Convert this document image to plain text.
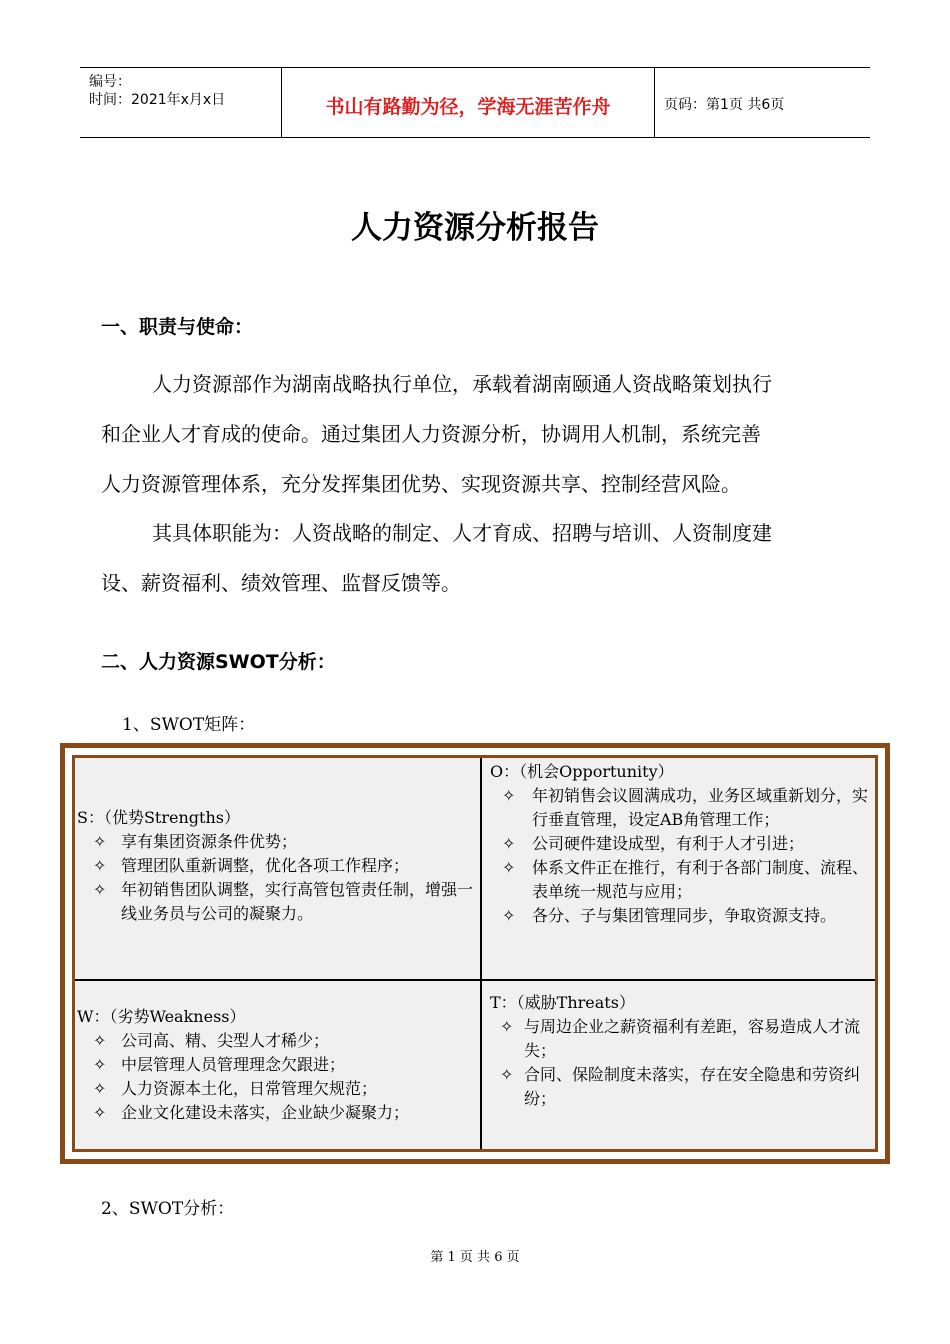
编号：
时间：2021年x月x日	书山有路勤为径，学海无涯苦作舟	页码：第1页 共6页
人力资源分析报告
一、职责与使命：
人力资源部作为湖南战略执行单位，承载着湖南颐通人资战略策划执行
和企业人才育成的使命。通过集团人力资源分析，协调用人机制，系统完善
人力资源管理体系，充分发挥集团优势、实现资源共享、控制经营风险。
其具体职能为：人资战略的制定、人才育成、招聘与培训、人资制度建
设、薪资福利、绩效管理、监督反馈等。
二、人力资源SWOT分析：
1、SWOT矩阵：
S：（优势Strengths）
✧ 享有集团资源条件优势；
✧ 管理团队重新调整，优化各项工作程序；
✧ 年初销售团队调整，实行高管包管责任制，增强一线业务员与公司的凝聚力。
O：（机会Opportunity）
✧ 年初销售会议圆满成功，业务区域重新划分，实行垂直管理，设定AB角管理工作；
✧ 公司硬件建设成型，有利于人才引进；
✧ 体系文件正在推行，有利于各部门制度、流程、表单统一规范与应用；
✧ 各分、子与集团管理同步，争取资源支持。
W：（劣势Weakness）
✧ 公司高、精、尖型人才稀少；
✧ 中层管理人员管理理念欠跟进；
✧ 人力资源本土化，日常管理欠规范；
✧ 企业文化建设未落实，企业缺少凝聚力；
T：（威胁Threats）
✧ 与周边企业之薪资福利有差距，容易造成人才流失；
✧ 合同、保险制度未落实，存在安全隐患和劳资纠纷；
2、SWOT分析：
第 1 页 共 6 页
